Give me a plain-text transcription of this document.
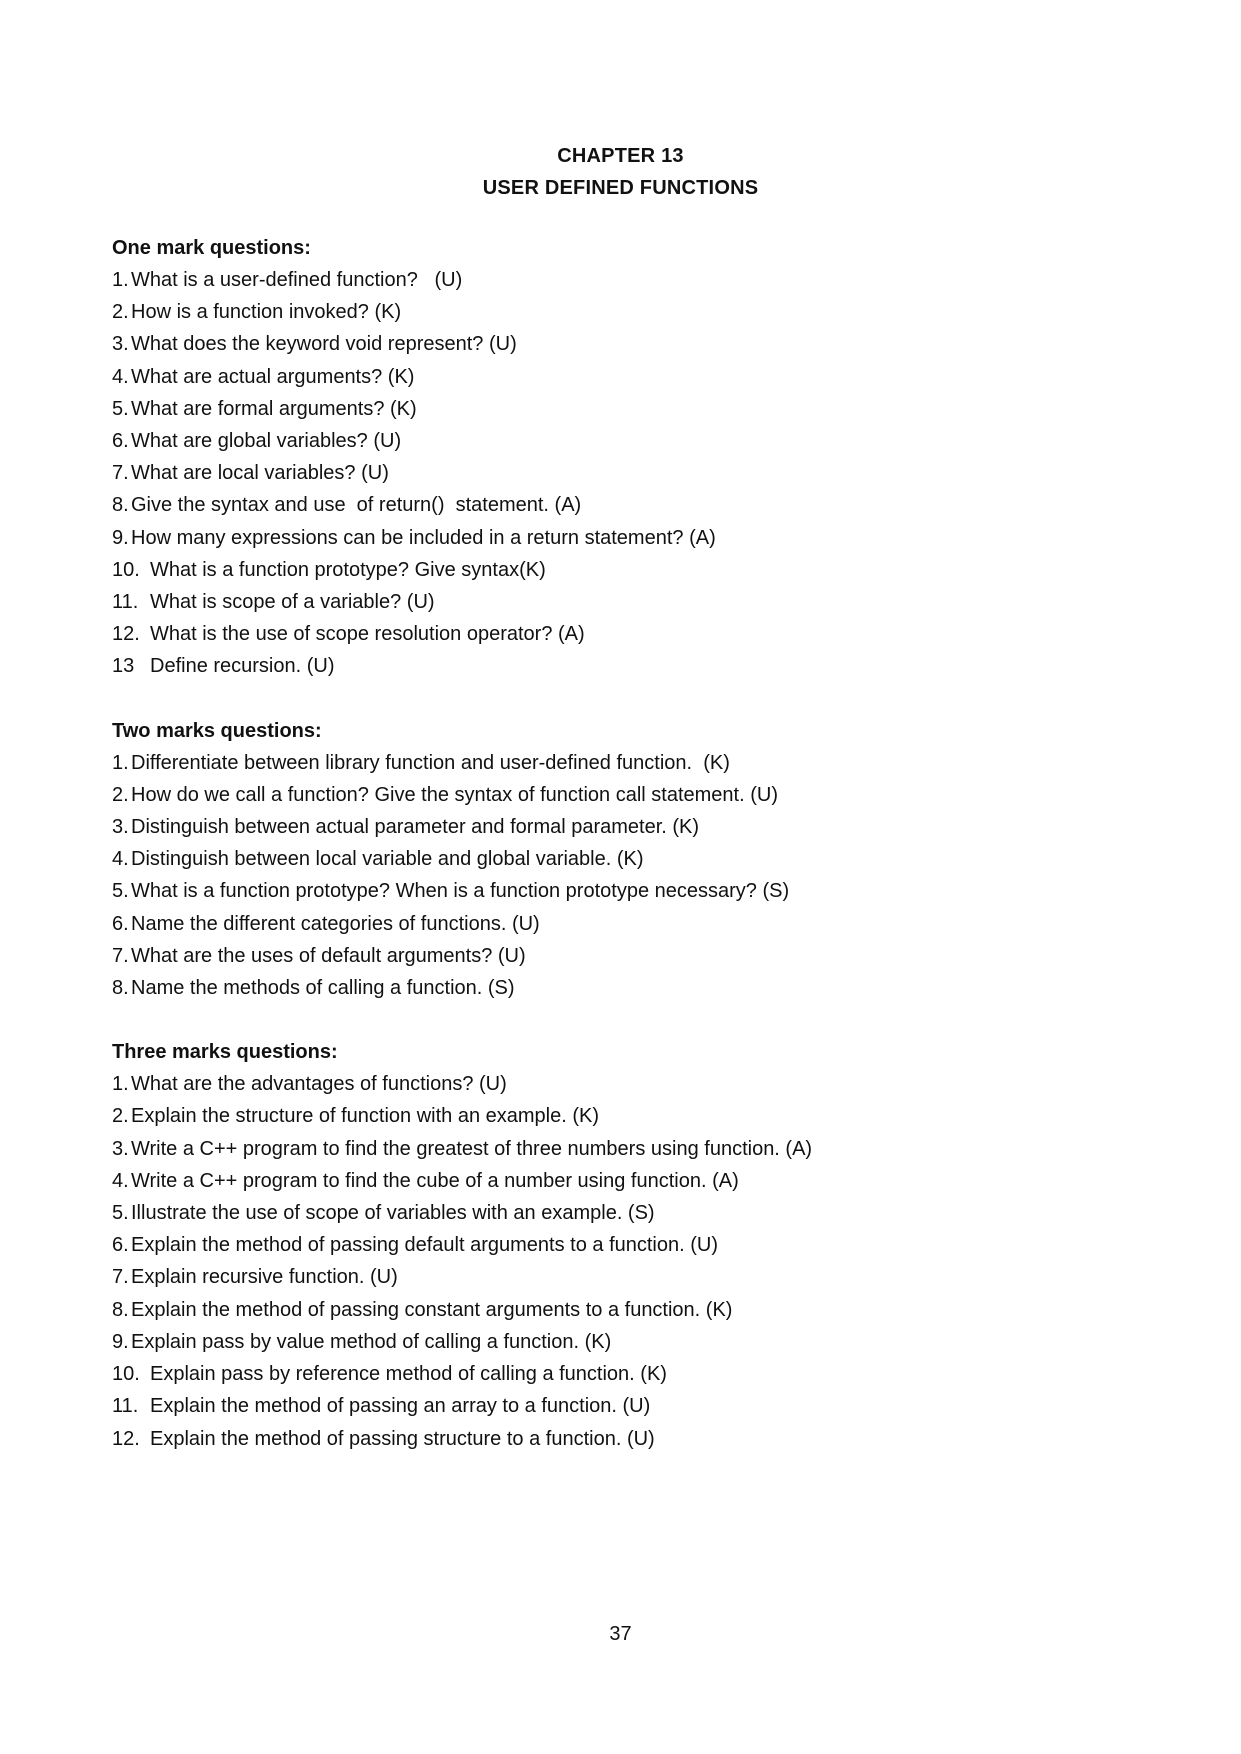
CHAPTER 13
USER DEFINED FUNCTIONS
One mark questions:
1. What is a user-defined function?   (U)
2. How is a function invoked? (K)
3. What does the keyword void represent? (U)
4. What are actual arguments? (K)
5. What are formal arguments? (K)
6. What are global variables? (U)
7. What are local variables? (U)
8. Give the syntax and use  of return()  statement. (A)
9. How many expressions can be included in a return statement? (A)
10. What is a function prototype? Give syntax(K)
11. What is scope of a variable? (U)
12. What is the use of scope resolution operator? (A)
13 Define recursion. (U)
Two marks questions:
1. Differentiate between library function and user-defined function.  (K)
2. How do we call a function? Give the syntax of function call statement. (U)
3. Distinguish between actual parameter and formal parameter. (K)
4. Distinguish between local variable and global variable. (K)
5. What is a function prototype? When is a function prototype necessary? (S)
6. Name the different categories of functions. (U)
7. What are the uses of default arguments? (U)
8. Name the methods of calling a function. (S)
Three marks questions:
1. What are the advantages of functions? (U)
2. Explain the structure of function with an example. (K)
3. Write a C++ program to find the greatest of three numbers using function. (A)
4. Write a C++ program to find the cube of a number using function. (A)
5. Illustrate the use of scope of variables with an example. (S)
6. Explain the method of passing default arguments to a function. (U)
7. Explain recursive function. (U)
8. Explain the method of passing constant arguments to a function. (K)
9. Explain pass by value method of calling a function. (K)
10. Explain pass by reference method of calling a function. (K)
11. Explain the method of passing an array to a function. (U)
12. Explain the method of passing structure to a function. (U)
37
